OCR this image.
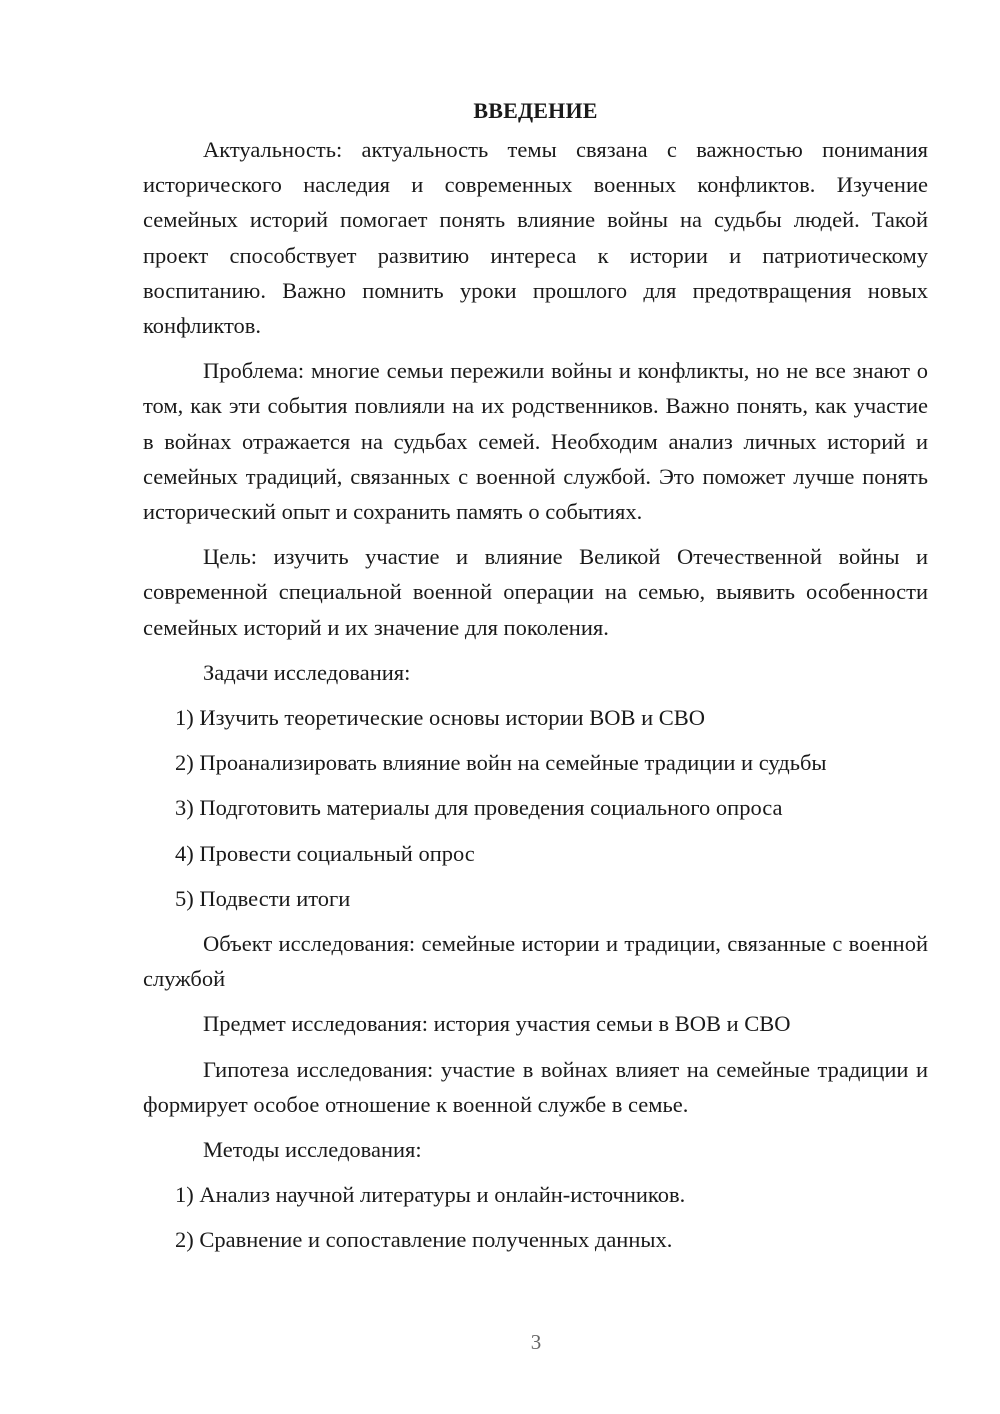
ВВЕДЕНИЕ

Актуальность: актуальность темы связана с важностью понимания исторического наследия и современных военных конфликтов. Изучение семейных историй помогает понять влияние войны на судьбы людей. Такой проект способствует развитию интереса к истории и патриотическому воспитанию. Важно помнить уроки прошлого для предотвращения новых конфликтов.

Проблема: многие семьи пережили войны и конфликты, но не все знают о том, как эти события повлияли на их родственников. Важно понять, как участие в войнах отражается на судьбах семей. Необходим анализ личных историй и семейных традиций, связанных с военной службой. Это поможет лучше понять исторический опыт и сохранить память о событиях.

Цель: изучить участие и влияние Великой Отечественной войны и современной специальной военной операции на семью, выявить особенности семейных историй и их значение для поколения.

Задачи исследования:
1) Изучить теоретические основы истории ВОВ и СВО
2) Проанализировать влияние войн на семейные традиции и судьбы
3) Подготовить материалы для проведения социального опроса
4) Провести социальный опрос
5) Подвести итоги

Объект исследования: семейные истории и традиции, связанные с военной службой

Предмет исследования: история участия семьи в ВОВ и СВО

Гипотеза исследования: участие в войнах влияет на семейные традиции и формирует особое отношение к военной службе в семье.

Методы исследования:
1) Анализ научной литературы и онлайн-источников.
2) Сравнение и сопоставление полученных данных.
3
